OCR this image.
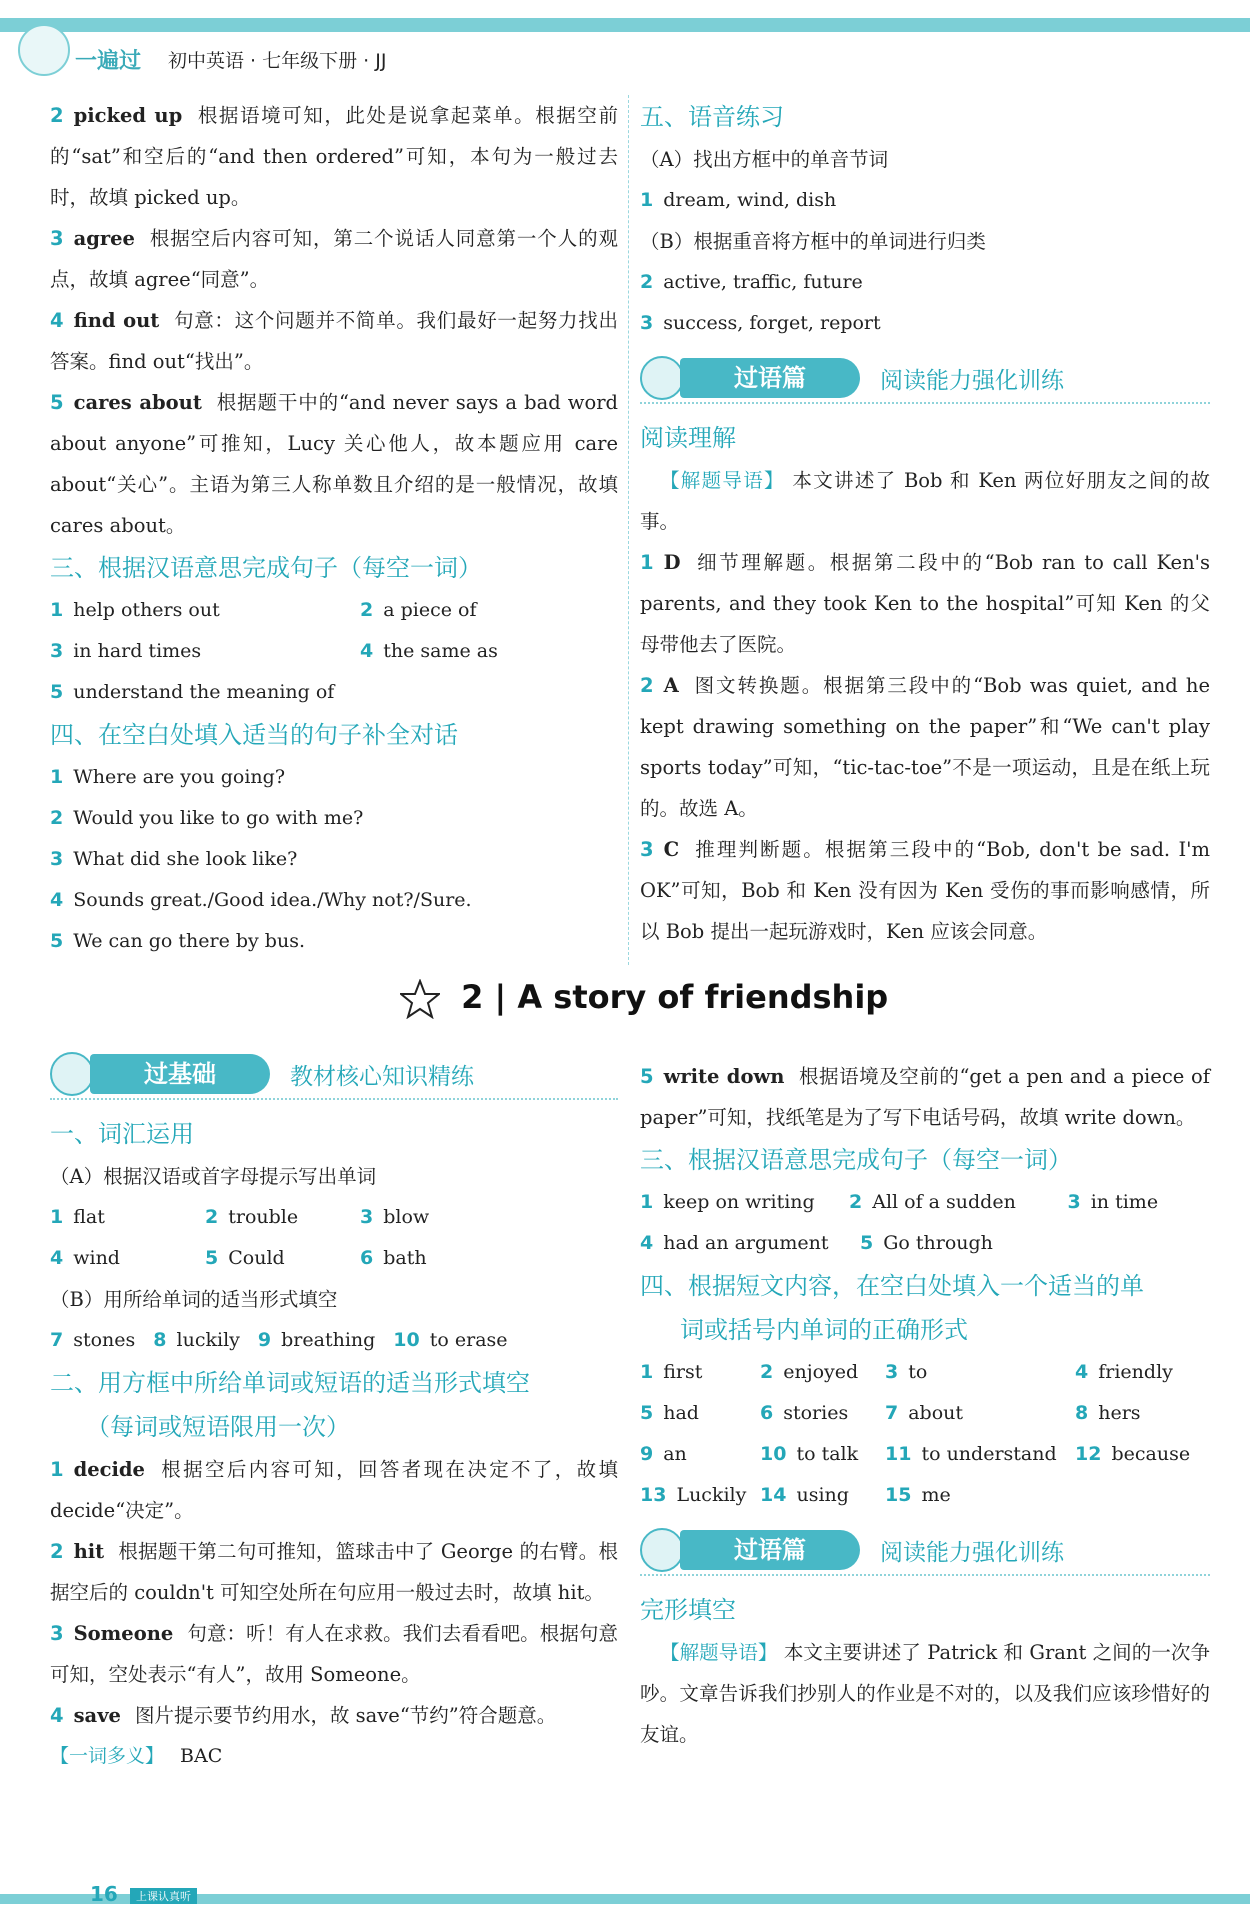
一遍过 初中英语 · 七年级下册 · JJ

2 picked up 根据语境可知，此处是说拿起菜单。根据空前的“sat”和空后的“and then ordered”可知，本句为一般过去时，故填 picked up。

3 agree 根据空后内容可知，第二个说话人同意第一个人的观点，故填 agree“同意”。

4 find out 句意：这个问题并不简单。我们最好一起努力找出答案。find out“找出”。

5 cares about 根据题干中的“and never says a bad word about anyone”可推知，Lucy 关心他人，故本题应用 care about“关心”。主语为第三人称单数且介绍的是一般情况，故填 cares about。

三、根据汉语意思完成句子（每空一词）

1 help others out	2 a piece of
3 in hard times	4 the same as
5 understand the meaning of

四、在空白处填入适当的句子补全对话

1 Where are you going?
2 Would you like to go with me?
3 What did she look like?
4 Sounds great./Good idea./Why not?/Sure.
5 We can go there by bus.

五、语音练习

（A）找出方框中的单音节词

1 dream, wind, dish

（B）根据重音将方框中的单词进行归类

2 active, traffic, future
3 success, forget, report
过语篇	阅读能力强化训练

阅读理解

【解题导语】 本文讲述了 Bob 和 Ken 两位好朋友之间的故事。

1 D 细节理解题。根据第二段中的“Bob ran to call Ken's parents, and they took Ken to the hospital”可知 Ken 的父母带他去了医院。

2 A 图文转换题。根据第三段中的“Bob was quiet, and he kept drawing something on the paper”和“We can't play sports today”可知，“tic-tac-toe”不是一项运动，且是在纸上玩的。故选 A。

3 C 推理判断题。根据第三段中的“Bob, don't be sad. I'm OK”可知，Bob 和 Ken 没有因为 Ken 受伤的事而影响感情，所以 Bob 提出一起玩游戏时，Ken 应该会同意。

2 | A story of friendship
过基础	教材核心知识精练

一、词汇运用

（A）根据汉语或首字母提示写出单词

1 flat	2 trouble	3 blow
4 wind	5 Could	6 bath

（B）用所给单词的适当形式填空

7 stones 8 luckily 9 breathing 10 to erase

二、用方框中所给单词或短语的适当形式填空

（每词或短语限用一次）

1 decide 根据空后内容可知，回答者现在决定不了，故填 decide“决定”。

2 hit 根据题干第二句可推知，篮球击中了 George 的右臂。根据空后的 couldn't 可知空处所在句应用一般过去时，故填 hit。

3 Someone 句意：听！有人在求救。我们去看看吧。根据句意可知，空处表示“有人”，故用 Someone。

4 save 图片提示要节约用水，故 save“节约”符合题意。

【一词多义】 BAC

5 write down 根据语境及空前的“get a pen and a piece of paper”可知，找纸笔是为了写下电话号码，故填 write down。

三、根据汉语意思完成句子（每空一词）

1 keep on writing	2 All of a sudden	3 in time
4 had an argument	5 Go through

四、根据短文内容，在空白处填入一个适当的单

词或括号内单词的正确形式

1 first	2 enjoyed	3 to	4 friendly
5 had	6 stories	7 about	8 hers
9 an	10 to talk	11 to understand 12 because
13 Luckily 14 using	15 me
过语篇	阅读能力强化训练

完形填空

【解题导语】 本文主要讲述了 Patrick 和 Grant 之间的一次争吵。文章告诉我们抄别人的作业是不对的，以及我们应该珍惜好的友谊。

16	上课认真听
